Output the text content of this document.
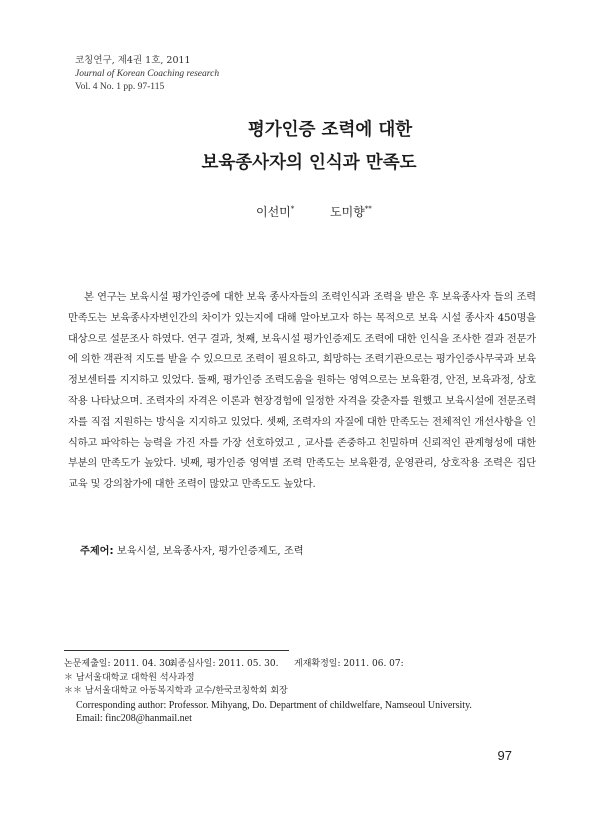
코칭연구, 제4권 1호, 2011
Journal of Korean Coaching research
Vol. 4 No. 1 pp. 97-115
평가인증 조력에 대한
보육종사자의 인식과 만족도
이선미*	도미향**
본 연구는 보육시설 평가인증에 대한 보육 종사자들의 조력인식과 조력을 받은 후 보육종사자 들의 조력만족도는 보육종사자변인간의 차이가 있는지에 대해 알아보고자 하는 목적으로 보육 시설 종사자 450명을 대상으로 설문조사 하였다. 연구 결과, 첫째, 보육시설 평가인증제도 조력에 대한 인식을 조사한 결과 전문가에 의한 객관적 지도를 받을 수 있으므로 조력이 필요하고, 희망하는 조력기관으로는 평가인증사무국과 보육정보센터를 지지하고 있었다. 둘째, 평가인증 조력도움을 원하는 영역으로는 보육환경, 안전, 보육과정, 상호작용 나타났으며. 조력자의 자격은 이론과 현장경험에 일정한 자격을 갖춘자를 원했고 보육시설에 전문조력자를 직접 지원하는 방식을 지지하고 있었다. 셋째, 조력자의 자질에 대한 만족도는 전체적인 개선사항을 인식하고 파악하는 능력을 가진 자를 가장 선호하였고 , 교사를 존중하고 친밀하며 신뢰적인 관계형성에 대한 부분의 만족도가 높았다. 넷째, 평가인증 영역별 조력 만족도는 보육환경, 운영관리, 상호작용 조력은 집단 교육 및 강의참가에 대한 조력이 많았고 만족도도 높았다.
주제어: 보육시설, 보육종사자, 평가인증제도, 조력
논문제출일: 2011. 04. 30.최종심사일: 2011. 05. 30. 게재확정일: 2011. 06. 07:
＊ 남서울대학교 대학원 석사과정
＊＊ 남서울대학교 아동복지학과 교수/한국코칭학회 회장
Corresponding author: Professor. Mihyang, Do. Department of childwelfare, Namseoul University.
Email: finc208@hanmail.net
97
